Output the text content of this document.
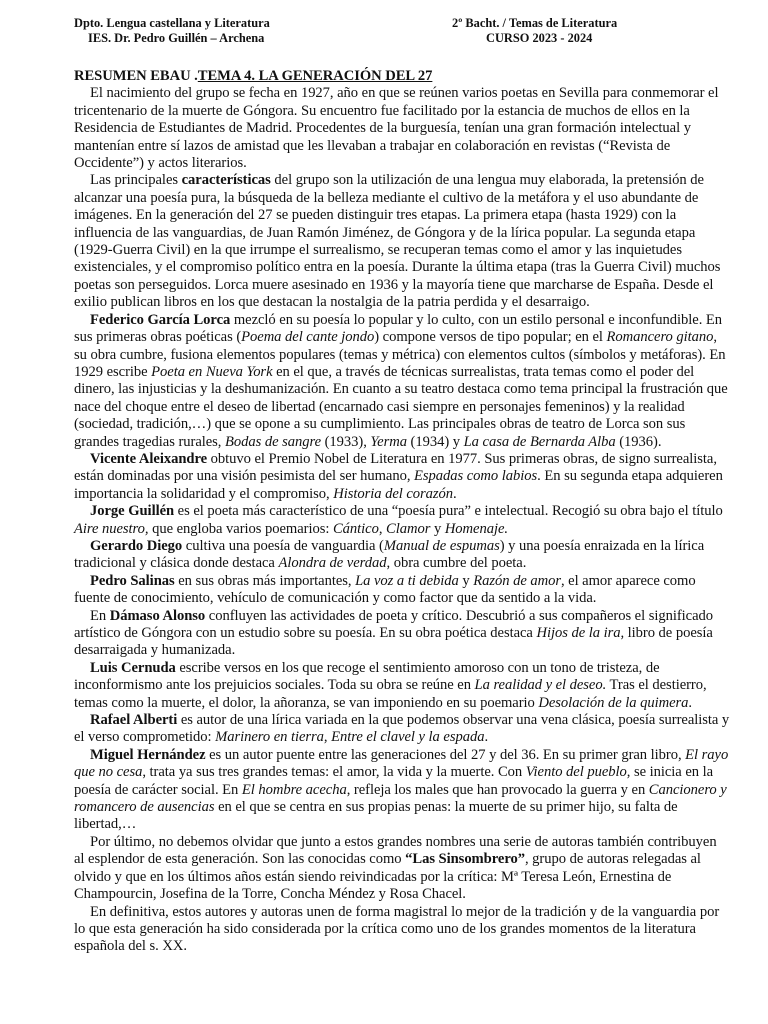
Dpto. Lengua castellana y Literatura
IES. Dr. Pedro Guillén – Archena
2º Bacht. / Temas de Literatura
CURSO 2023 - 2024
RESUMEN EBAU .TEMA 4. LA GENERACIÓN DEL 27

El nacimiento del grupo se fecha en 1927, año en que se reúnen varios poetas en Sevilla para conmemorar el tricentenario de la muerte de Góngora. Su encuentro fue facilitado por la estancia de muchos de ellos en la Residencia de Estudiantes de Madrid. Procedentes de la burguesía, tenían una gran formación intelectual y mantenían entre sí lazos de amistad que les llevaban a trabajar en colaboración en revistas (“Revista de Occidente”) y actos literarios.

Las principales características del grupo son la utilización de una lengua muy elaborada, la pretensión de alcanzar una poesía pura, la búsqueda de la belleza mediante el cultivo de la metáfora y el uso abundante de imágenes. En la generación del 27 se pueden distinguir tres etapas. La primera etapa (hasta 1929) con la influencia de las vanguardias, de Juan Ramón Jiménez, de Góngora y de la lírica popular. La segunda etapa (1929-Guerra Civil) en la que irrumpe el surrealismo, se recuperan temas como el amor y las inquietudes existenciales, y el compromiso político entra en la poesía. Durante la última etapa (tras la Guerra Civil) muchos poetas son perseguidos. Lorca muere asesinado en 1936 y la mayoría tiene que marcharse de España. Desde el exilio publican libros en los que destacan la nostalgia de la patria perdida y el desarraigo.

Federico García Lorca mezcló en su poesía lo popular y lo culto, con un estilo personal e inconfundible. En sus primeras obras poéticas (Poema del cante jondo) compone versos de tipo popular; en el Romancero gitano, su obra cumbre, fusiona elementos populares (temas y métrica) con elementos cultos (símbolos y metáforas). En 1929 escribe Poeta en Nueva York en el que, a través de técnicas surrealistas, trata temas como el poder del dinero, las injusticias y la deshumanización. En cuanto a su teatro destaca como tema principal la frustración que nace del choque entre el deseo de libertad (encarnado casi siempre en personajes femeninos) y la realidad (sociedad, tradición,…) que se opone a su cumplimiento. Las principales obras de teatro de Lorca son sus grandes tragedias rurales, Bodas de sangre (1933), Yerma (1934) y La casa de Bernarda Alba (1936).

Vicente Aleixandre obtuvo el Premio Nobel de Literatura en 1977. Sus primeras obras, de signo surrealista, están dominadas por una visión pesimista del ser humano, Espadas como labios. En su segunda etapa adquieren importancia la solidaridad y el compromiso, Historia del corazón.

Jorge Guillén es el poeta más característico de una “poesía pura” e intelectual. Recogió su obra bajo el título Aire nuestro, que engloba varios poemarios: Cántico, Clamor y Homenaje.

Gerardo Diego cultiva una poesía de vanguardia (Manual de espumas) y una poesía enraizada en la lírica tradicional y clásica donde destaca Alondra de verdad, obra cumbre del poeta.

Pedro Salinas en sus obras más importantes, La voz a ti debida y Razón de amor, el amor aparece como fuente de conocimiento, vehículo de comunicación y como factor que da sentido a la vida.

En Dámaso Alonso confluyen las actividades de poeta y crítico. Descubrió a sus compañeros el significado artístico de Góngora con un estudio sobre su poesía. En su obra poética destaca Hijos de la ira, libro de poesía desarraigada y humanizada.

Luis Cernuda escribe versos en los que recoge el sentimiento amoroso con un tono de tristeza, de inconformismo ante los prejuicios sociales. Toda su obra se reúne en La realidad y el deseo. Tras el destierro, temas como la muerte, el dolor, la añoranza, se van imponiendo en su poemario Desolación de la quimera.

Rafael Alberti es autor de una lírica variada en la que podemos observar una vena clásica, poesía surrealista y el verso comprometido: Marinero en tierra, Entre el clavel y la espada.

Miguel Hernández es un autor puente entre las generaciones del 27 y del 36. En su primer gran libro, El rayo que no cesa, trata ya sus tres grandes temas: el amor, la vida y la muerte. Con Viento del pueblo, se inicia en la poesía de carácter social. En El hombre acecha, refleja los males que han provocado la guerra y en Cancionero y romancero de ausencias en el que se centra en sus propias penas: la muerte de su primer hijo, su falta de libertad,…

Por último, no debemos olvidar que junto a estos grandes nombres una serie de autoras también contribuyen al esplendor de esta generación. Son las conocidas como “Las Sinsombrero”, grupo de autoras relegadas al olvido y que en los últimos años están siendo reivindicadas por la crítica: Mª Teresa León, Ernestina de Champourcin, Josefina de la Torre, Concha Méndez y Rosa Chacel.

En definitiva, estos autores y autoras unen de forma magistral lo mejor de la tradición y de la vanguardia por lo que esta generación ha sido considerada por la crítica como uno de los grandes momentos de la literatura española del s. XX.
